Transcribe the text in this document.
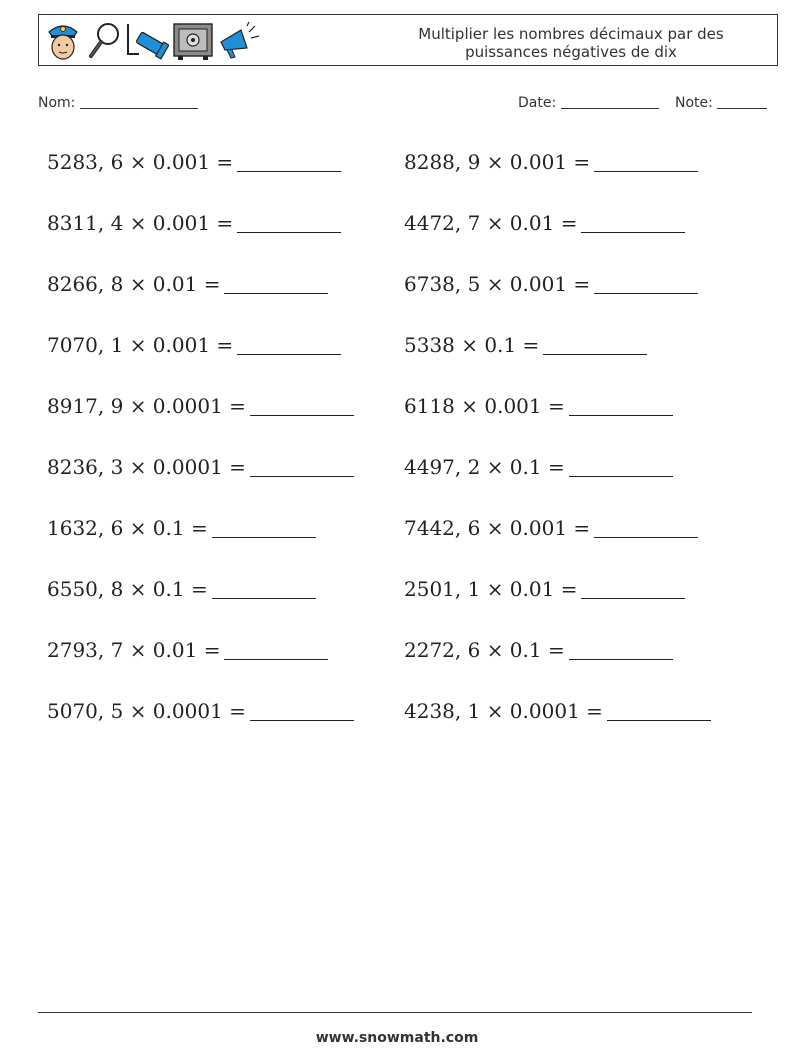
Multiplier les nombres décimaux par des
puissances négatives de dix
Nom:	Date:	Note:
5283, 6 × 0.001 =
8311, 4 × 0.001 =
8266, 8 × 0.01 =
7070, 1 × 0.001 =
8917, 9 × 0.0001 =
8236, 3 × 0.0001 =
1632, 6 × 0.1 =
6550, 8 × 0.1 =
2793, 7 × 0.01 =
5070, 5 × 0.0001 =
8288, 9 × 0.001 =
4472, 7 × 0.01 =
6738, 5 × 0.001 =
5338 × 0.1 =
6118 × 0.001 =
4497, 2 × 0.1 =
7442, 6 × 0.001 =
2501, 1 × 0.01 =
2272, 6 × 0.1 =
4238, 1 × 0.0001 =
www.snowmath.com
